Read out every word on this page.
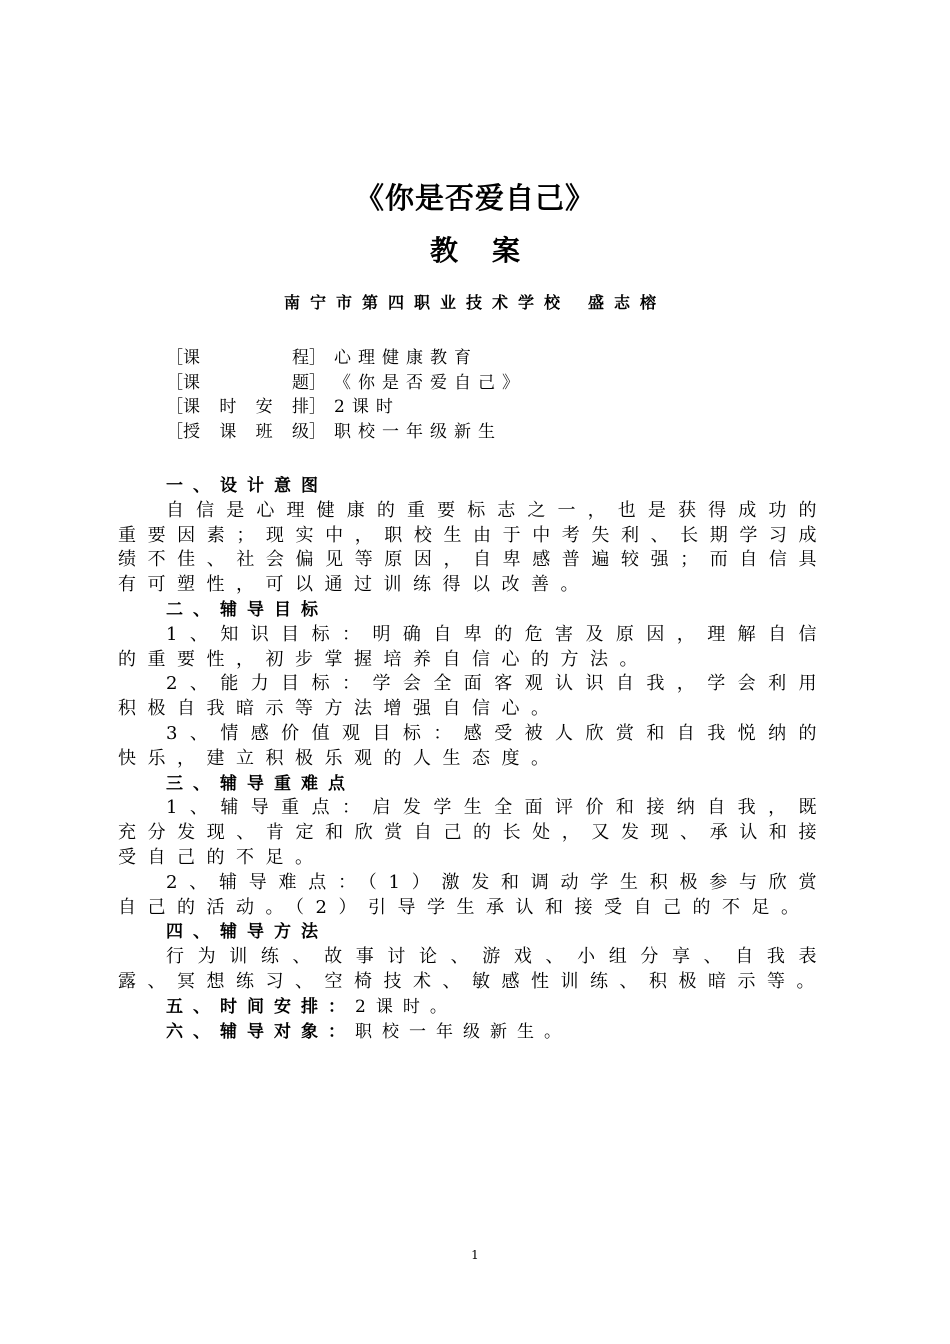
《你是否爱自己》
教案
南宁市第四职业技术学校 盛志榕
［课	程］ 心理健康教育
［课	题］ 《你是否爱自己》
［课 时 安 排］ 2课时
［授 课 班 级］ 职校一年级新生
一、设计意图
自信是心理健康的重要标志之一，也是获得成功的重要因素；现实中，职校生由于中考失利、长期学习成绩不佳、社会偏见等原因，自卑感普遍较强；而自信具有可塑性，可以通过训练得以改善。
二、辅导目标
1、知识目标：明确自卑的危害及原因，理解自信的重要性，初步掌握培养自信心的方法。
2、能力目标：学会全面客观认识自我，学会利用积极自我暗示等方法增强自信心。
3、情感价值观目标：感受被人欣赏和自我悦纳的快乐，建立积极乐观的人生态度。
三、辅导重难点
1、辅导重点：启发学生全面评价和接纳自我，既充分发现、肯定和欣赏自己的长处，又发现、承认和接受自己的不足。
2、辅导难点：（1）激发和调动学生积极参与欣赏自己的活动。（2）引导学生承认和接受自己的不足。
四、辅导方法
行为训练、故事讨论、游戏、小组分享、自我表露、冥想练习、空椅技术、敏感性训练、积极暗示等。
五、时间安排：2课时。
六、辅导对象：职校一年级新生。
1
